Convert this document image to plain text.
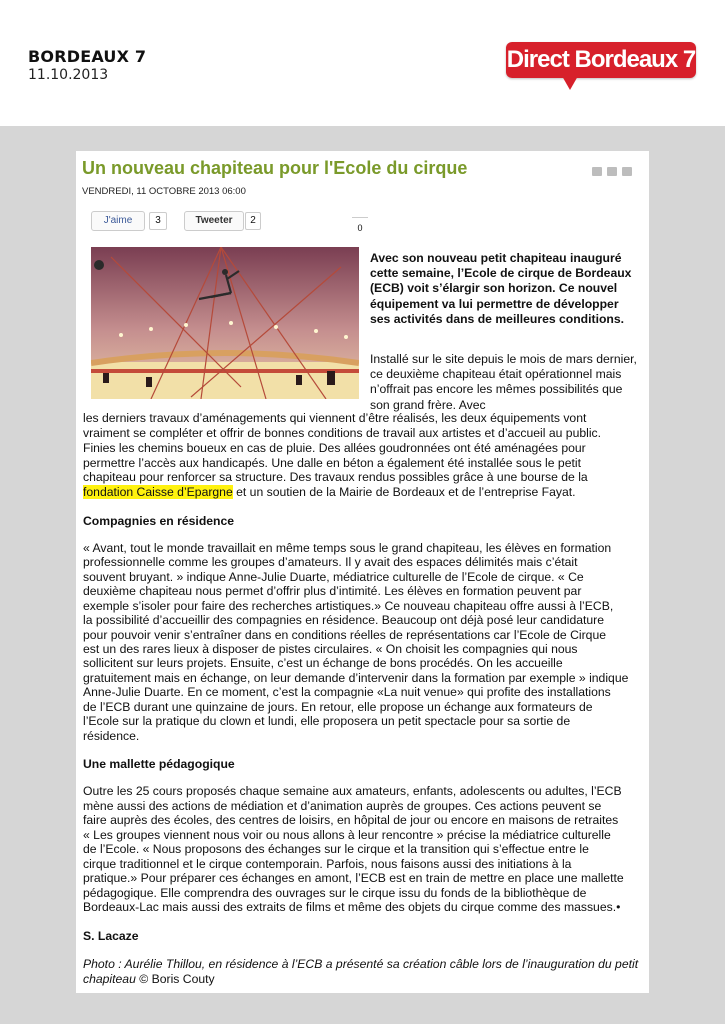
BORDEAUX 7
11.10.2013
Direct Bordeaux 7
Un nouveau chapiteau pour l'Ecole du cirque
VENDREDI, 11 OCTOBRE 2013 06:00
J'aime	3	Tweeter	2
0
Avec son nouveau petit chapiteau inauguré cette semaine, l’Ecole de cirque de Bordeaux (ECB) voit s’élargir son horizon. Ce nouvel équipement va lui permettre de développer ses activités dans de meilleures conditions.
Installé sur le site depuis le mois de mars dernier, ce deuxième chapiteau était opérationnel mais n’offrait pas encore les mêmes possibilités que son grand frère. Avec
les derniers travaux d’aménagements qui viennent d’être réalisés, les deux équipements vont
vraiment se compléter et offrir de bonnes conditions de travail aux artistes et d’accueil au public.
Finies les chemins boueux en cas de pluie. Des allées goudronnées ont été aménagées pour
permettre l’accès aux handicapés. Une dalle en béton a également été installée sous le petit
chapiteau pour renforcer sa structure. Des travaux rendus possibles grâce à une bourse de la
fondation Caisse d’Epargne et un soutien de la Mairie de Bordeaux et de l’entreprise Fayat.
Compagnies en résidence
« Avant, tout le monde travaillait en même temps sous le grand chapiteau, les élèves en formation
professionnelle comme les groupes d’amateurs. Il y avait des espaces délimités mais c’était
souvent bruyant. » indique Anne-Julie Duarte, médiatrice culturelle de l’Ecole de cirque. « Ce
deuxième chapiteau nous permet d’offrir plus d’intimité. Les élèves en formation peuvent par
exemple s’isoler pour faire des recherches artistiques.» Ce nouveau chapiteau offre aussi à l’ECB,
la possibilité d’accueillir des compagnies en résidence. Beaucoup ont déjà posé leur candidature
pour pouvoir venir s’entraîner dans en conditions réelles de représentations car l’Ecole de Cirque
est un des rares lieux à disposer de pistes circulaires. « On choisit les compagnies qui nous
sollicitent sur leurs projets. Ensuite, c’est un échange de bons procédés. On les accueille
gratuitement mais en échange, on leur demande d’intervenir dans la formation par exemple » indique
Anne-Julie Duarte. En ce moment, c’est la compagnie «La nuit venue» qui profite des installations
de l’ECB durant une quinzaine de jours. En retour, elle propose un échange aux formateurs de
l’Ecole sur la pratique du clown et lundi, elle proposera un petit spectacle pour sa sortie de
résidence.
Une mallette pédagogique
Outre les 25 cours proposés chaque semaine aux amateurs, enfants, adolescents ou adultes, l’ECB
mène aussi des actions de médiation et d’animation auprès de groupes. Ces actions peuvent se
faire auprès des écoles, des centres de loisirs, en hôpital de jour ou encore en maisons de retraites
« Les groupes viennent nous voir ou nous allons à leur rencontre » précise la médiatrice culturelle
de l’Ecole. « Nous proposons des échanges sur le cirque et la transition qui s’effectue entre le
cirque traditionnel et le cirque contemporain. Parfois, nous faisons aussi des initiations à la
pratique.» Pour préparer ces échanges en amont, l’ECB est en train de mettre en place une mallette
pédagogique. Elle comprendra des ouvrages sur le cirque issu du fonds de la bibliothèque de
Bordeaux-Lac mais aussi des extraits de films et même des objets du cirque comme des massues.•
S. Lacaze
Photo : Aurélie Thillou, en résidence à l’ECB a présenté sa création câble lors de l’inauguration du petit chapiteau © Boris Couty
